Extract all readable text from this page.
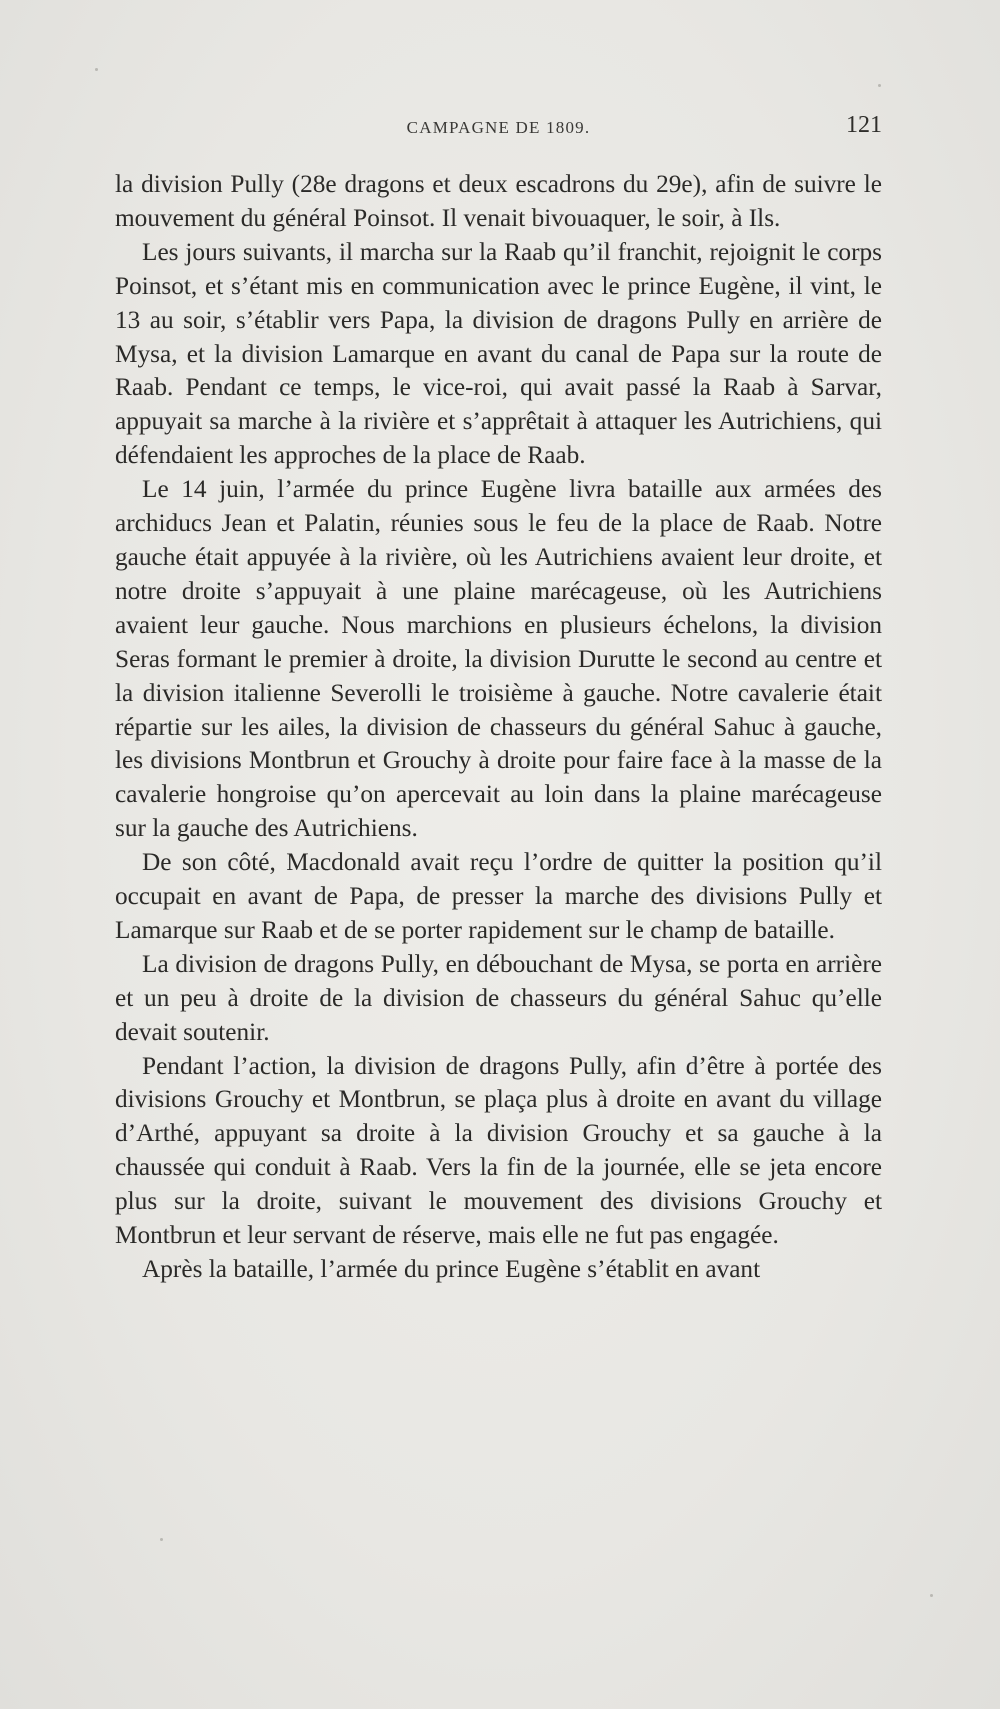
CAMPAGNE DE 1809.	121

la division Pully (28e dragons et deux escadrons du 29e), afin de suivre le mouvement du général Poinsot. Il venait bivouaquer, le soir, à Ils.

Les jours suivants, il marcha sur la Raab qu’il franchit, rejoignit le corps Poinsot, et s’étant mis en communication avec le prince Eugène, il vint, le 13 au soir, s’établir vers Papa, la division de dragons Pully en arrière de Mysa, et la division Lamarque en avant du canal de Papa sur la route de Raab. Pendant ce temps, le vice-roi, qui avait passé la Raab à Sarvar, appuyait sa marche à la rivière et s’apprêtait à attaquer les Autrichiens, qui défendaient les approches de la place de Raab.

Le 14 juin, l’armée du prince Eugène livra bataille aux armées des archiducs Jean et Palatin, réunies sous le feu de la place de Raab. Notre gauche était appuyée à la rivière, où les Autrichiens avaient leur droite, et notre droite s’appuyait à une plaine marécageuse, où les Autrichiens avaient leur gauche. Nous marchions en plusieurs échelons, la division Seras formant le premier à droite, la division Durutte le second au centre et la division italienne Severolli le troisième à gauche. Notre cavalerie était répartie sur les ailes, la division de chasseurs du général Sahuc à gauche, les divisions Montbrun et Grouchy à droite pour faire face à la masse de la cavalerie hongroise qu’on apercevait au loin dans la plaine marécageuse sur la gauche des Autrichiens.

De son côté, Macdonald avait reçu l’ordre de quitter la position qu’il occupait en avant de Papa, de presser la marche des divisions Pully et Lamarque sur Raab et de se porter rapidement sur le champ de bataille.

La division de dragons Pully, en débouchant de Mysa, se porta en arrière et un peu à droite de la division de chasseurs du général Sahuc qu’elle devait soutenir.

Pendant l’action, la division de dragons Pully, afin d’être à portée des divisions Grouchy et Montbrun, se plaça plus à droite en avant du village d’Arthé, appuyant sa droite à la division Grouchy et sa gauche à la chaussée qui conduit à Raab. Vers la fin de la journée, elle se jeta encore plus sur la droite, suivant le mouvement des divisions Grouchy et Montbrun et leur servant de réserve, mais elle ne fut pas engagée.

Après la bataille, l’armée du prince Eugène s’établit en avant
